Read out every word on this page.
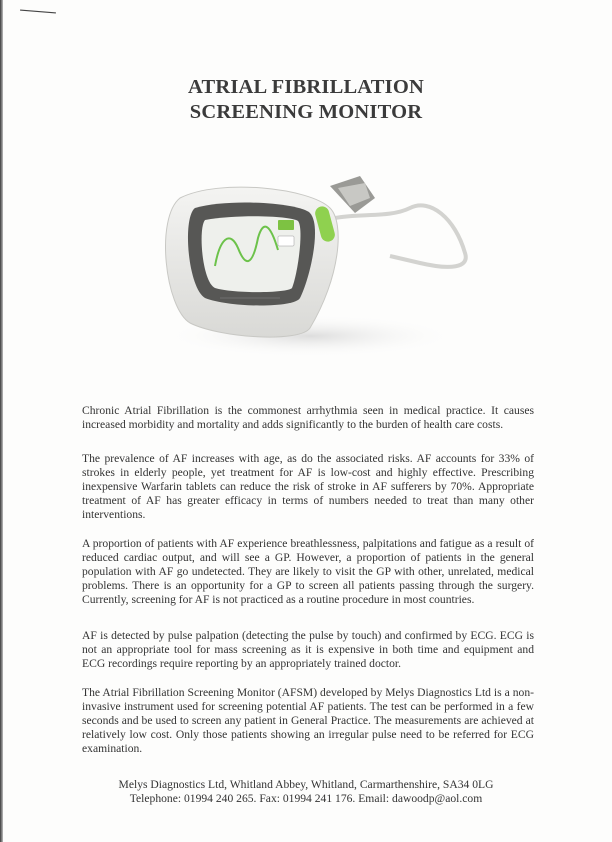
ATRIAL FIBRILLATION
SCREENING MONITOR
Chronic Atrial Fibrillation is the commonest arrhythmia seen in medical practice. It causes increased morbidity and mortality and adds significantly to the burden of health care costs.
The prevalence of AF increases with age, as do the associated risks. AF accounts for 33% of strokes in elderly people, yet treatment for AF is low-cost and highly effective. Prescribing inexpensive Warfarin tablets can reduce the risk of stroke in AF sufferers by 70%. Appropriate treatment of AF has greater efficacy in terms of numbers needed to treat than many other interventions.
A proportion of patients with AF experience breathlessness, palpitations and fatigue as a result of reduced cardiac output, and will see a GP. However, a proportion of patients in the general population with AF go undetected. They are likely to visit the GP with other, unrelated, medical problems. There is an opportunity for a GP to screen all patients passing through the surgery. Currently, screening for AF is not practiced as a routine procedure in most countries.
AF is detected by pulse palpation (detecting the pulse by touch) and confirmed by ECG. ECG is not an appropriate tool for mass screening as it is expensive in both time and equipment and ECG recordings require reporting by an appropriately trained doctor.
The Atrial Fibrillation Screening Monitor (AFSM) developed by Melys Diagnostics Ltd is a non-invasive instrument used for screening potential AF patients. The test can be performed in a few seconds and be used to screen any patient in General Practice. The measurements are achieved at relatively low cost. Only those patients showing an irregular pulse need to be referred for ECG examination.
Melys Diagnostics Ltd, Whitland Abbey, Whitland, Carmarthenshire, SA34 0LG
Telephone: 01994 240 265. Fax: 01994 241 176. Email: dawoodp@aol.com
